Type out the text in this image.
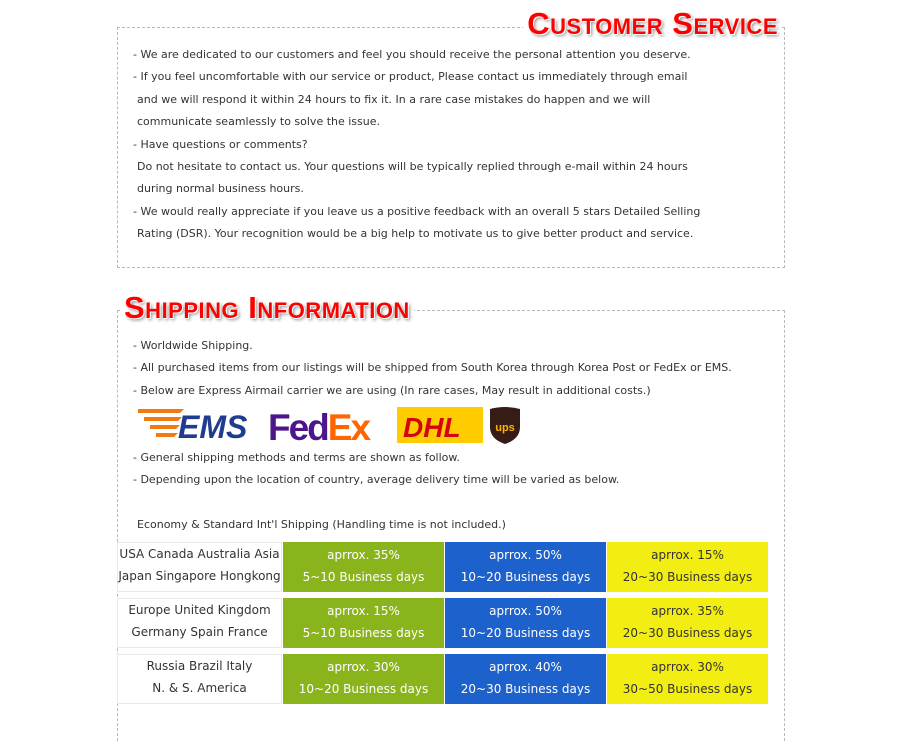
Customer Service
- We are dedicated to our customers and feel you should receive the personal attention you deserve.
- If you feel uncomfortable with our service or product, Please contact us immediately through email
and we will respond it within 24 hours to fix it. In a rare case mistakes do happen and we will
communicate seamlessly to solve the issue.
- Have questions or comments?
Do not hesitate to contact us. Your questions will be typically replied through e-mail within 24 hours
during normal business hours.
- We would really appreciate if you leave us a positive feedback with an overall 5 stars Detailed Selling
Rating (DSR). Your recognition would be a big help to motivate us to give better product and service.
Shipping Information
- Worldwide Shipping.
- All purchased items from our listings will be shipped from South Korea through Korea Post or FedEx or EMS.
- Below are Express Airmail carrier we are using (In rare cases, May result in additional costs.)
EMS FedEx DHL	ups
- General shipping methods and terms are shown as follow.
- Depending upon the location of country, average delivery time will be varied as below.
Economy & Standard Int'l Shipping (Handling time is not included.)
USA Canada Australia Asia
Japan Singapore Hongkong
aprrox. 35%
5~10 Business days
aprrox. 50%
10~20 Business days
aprrox. 15%
20~30 Business days
Europe United Kingdom
Germany Spain France
aprrox. 15%
5~10 Business days
aprrox. 50%
10~20 Business days
aprrox. 35%
20~30 Business days
Russia Brazil Italy
N. & S. America
aprrox. 30%
10~20 Business days
aprrox. 40%
20~30 Business days
aprrox. 30%
30~50 Business days
